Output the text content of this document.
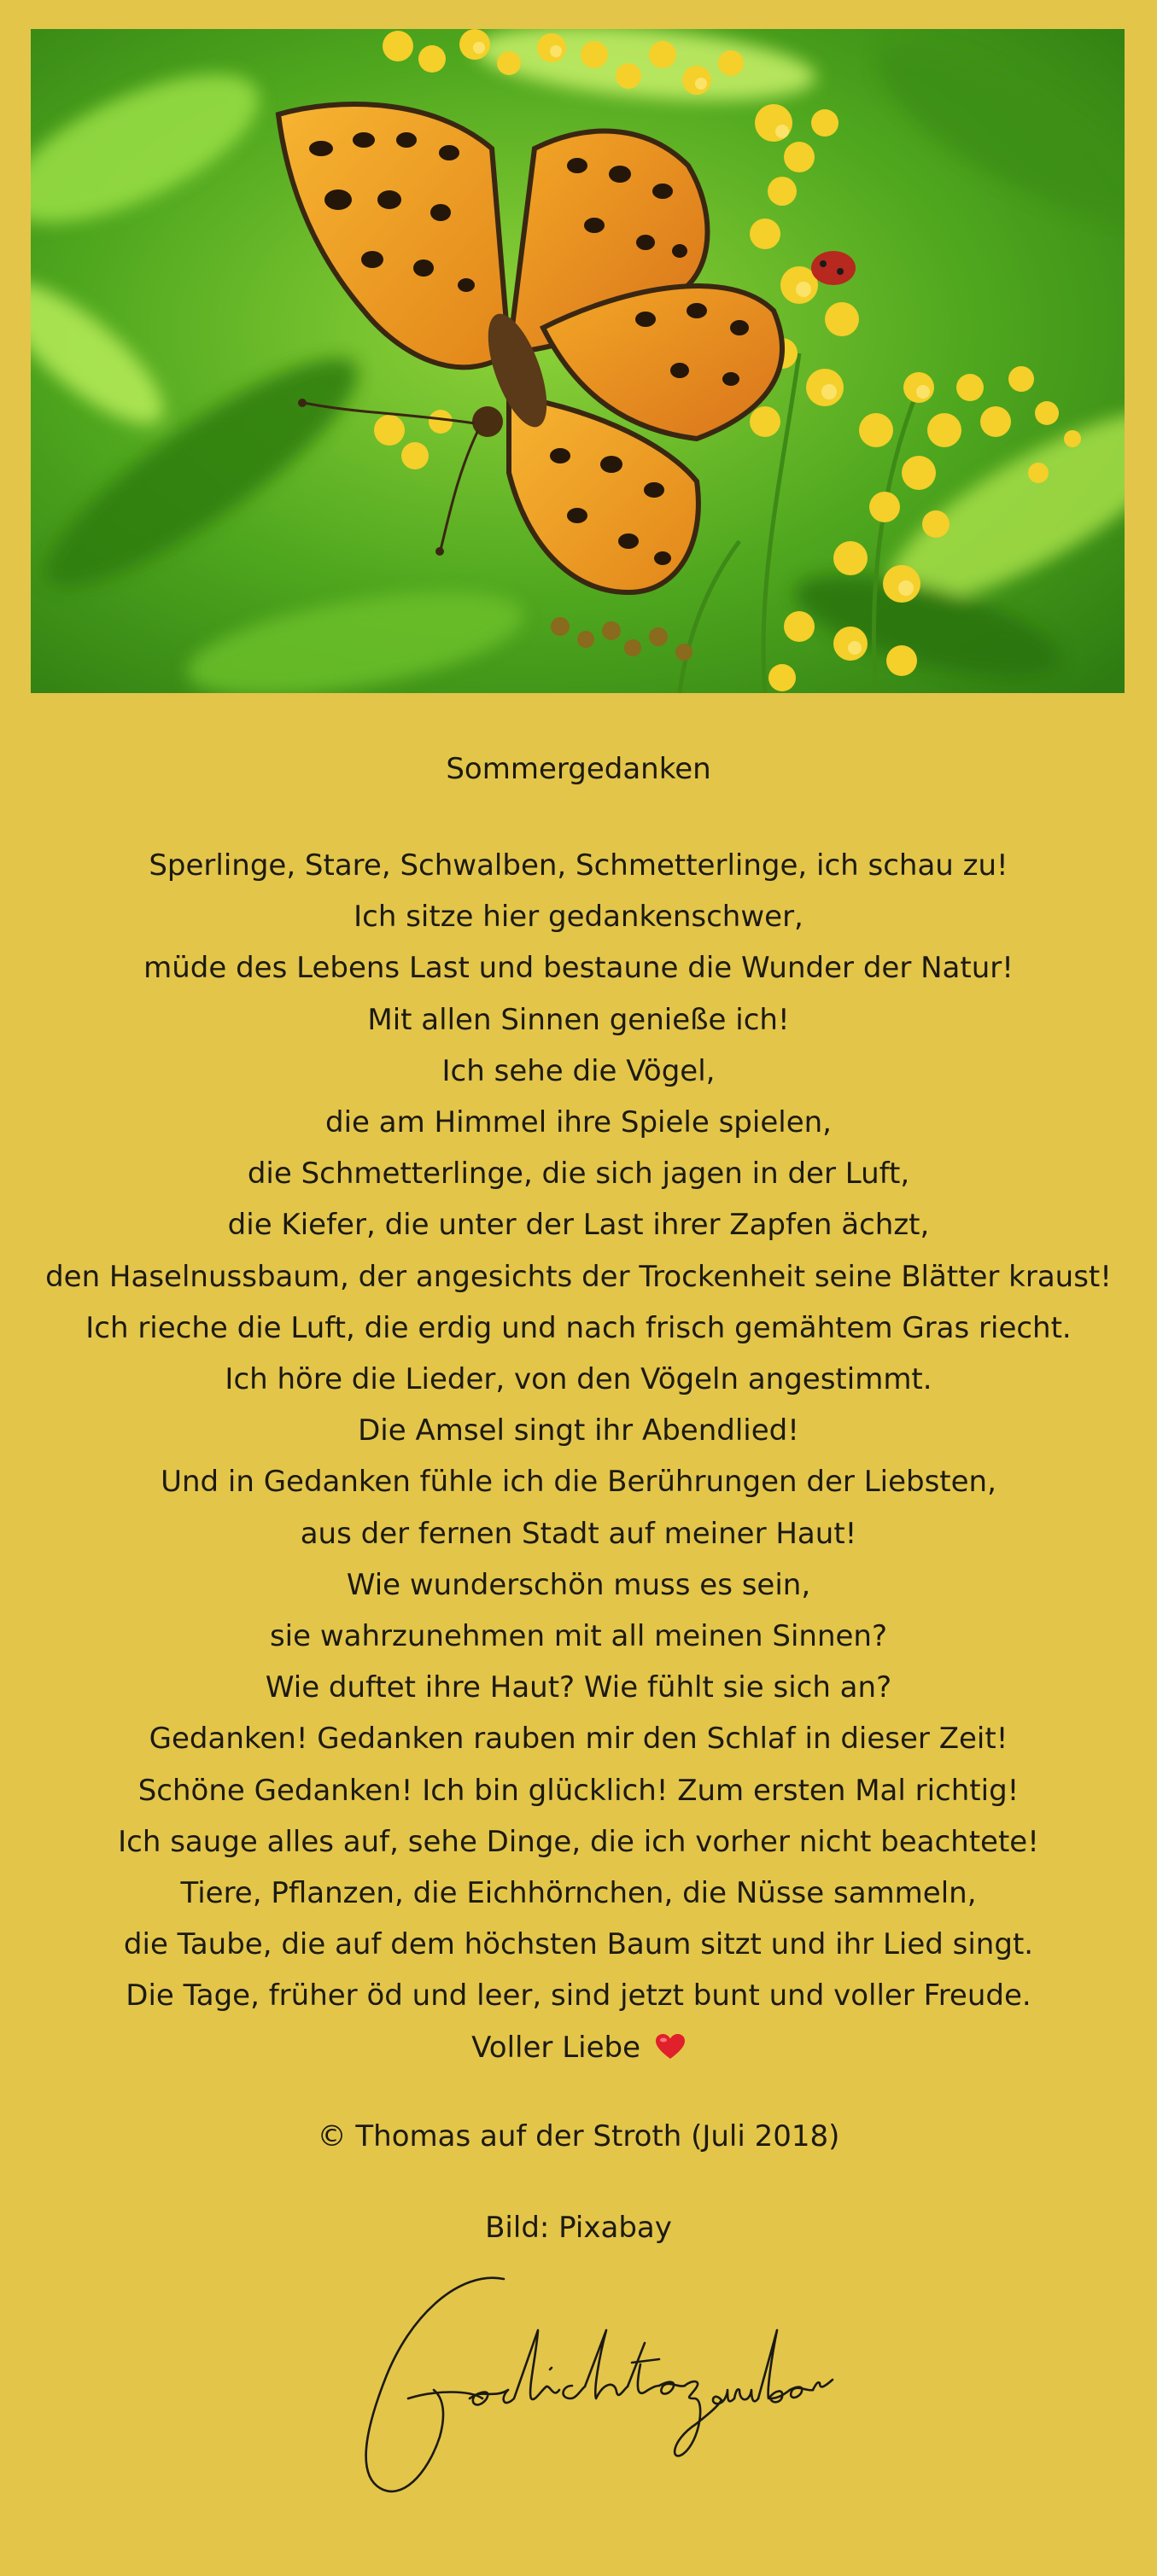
Sommergedanken
Sperlinge, Stare, Schwalben, Schmetterlinge, ich schau zu!
Ich sitze hier gedankenschwer,
müde des Lebens Last und bestaune die Wunder der Natur!
Mit allen Sinnen genieße ich!
Ich sehe die Vögel,
die am Himmel ihre Spiele spielen,
die Schmetterlinge, die sich jagen in der Luft,
die Kiefer, die unter der Last ihrer Zapfen ächzt,
den Haselnussbaum, der angesichts der Trockenheit seine Blätter kraust!
Ich rieche die Luft, die erdig und nach frisch gemähtem Gras riecht.
Ich höre die Lieder, von den Vögeln angestimmt.
Die Amsel singt ihr Abendlied!
Und in Gedanken fühle ich die Berührungen der Liebsten,
aus der fernen Stadt auf meiner Haut!
Wie wunderschön muss es sein,
sie wahrzunehmen mit all meinen Sinnen?
Wie duftet ihre Haut? Wie fühlt sie sich an?
Gedanken! Gedanken rauben mir den Schlaf in dieser Zeit!
Schöne Gedanken! Ich bin glücklich! Zum ersten Mal richtig!
Ich sauge alles auf, sehe Dinge, die ich vorher nicht beachtete!
Tiere, Pflanzen, die Eichhörnchen, die Nüsse sammeln,
die Taube, die auf dem höchsten Baum sitzt und ihr Lied singt.
Die Tage, früher öd und leer, sind jetzt bunt und voller Freude.
Voller Liebe
© Thomas auf der Stroth (Juli 2018)
Bild: Pixabay
